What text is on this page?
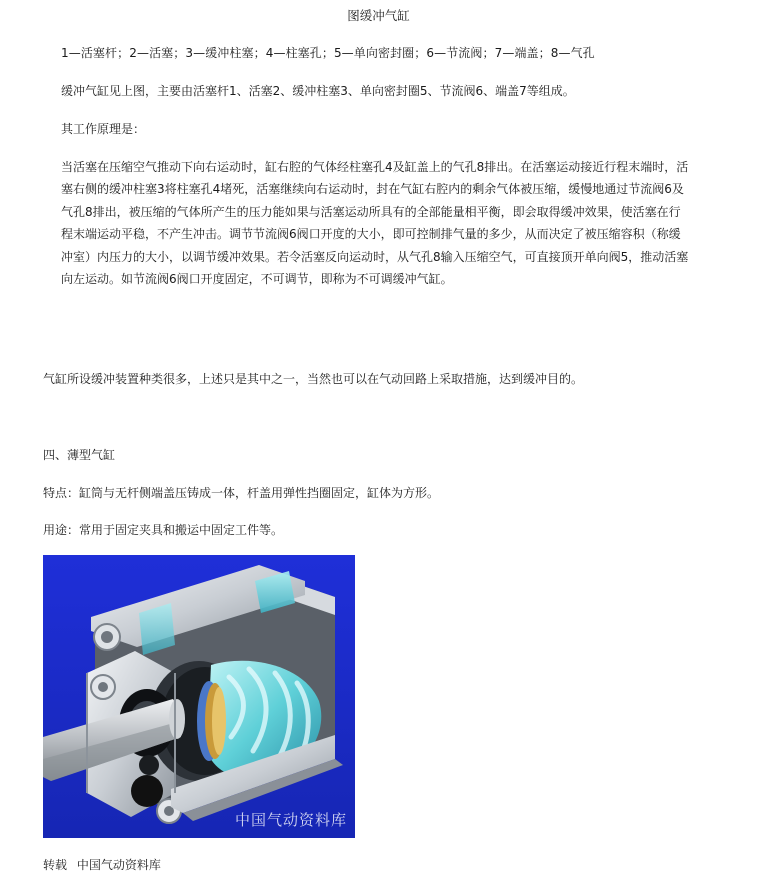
图缓冲气缸
1—活塞杆；2—活塞；3—缓冲柱塞；4—柱塞孔；5—单向密封圈；6—节流阀；7—端盖；8—气孔
缓冲气缸见上图，主要由活塞杆1、活塞2、缓冲柱塞3、单向密封圈5、节流阀6、端盖7等组成。
其工作原理是：
当活塞在压缩空气推动下向右运动时，缸右腔的气体经柱塞孔4及缸盖上的气孔8排出。在活塞运动接近行程末端时，活
塞右侧的缓冲柱塞3将柱塞孔4堵死，活塞继续向右运动时，封在气缸右腔内的剩余气体被压缩，缓慢地通过节流阀6及
气孔8排出，被压缩的气体所产生的压力能如果与活塞运动所具有的全部能量相平衡，即会取得缓冲效果，使活塞在行
程末端运动平稳，不产生冲击。调节节流阀6阀口开度的大小，即可控制排气量的多少，从而决定了被压缩容积（称缓
冲室）内压力的大小，以调节缓冲效果。若令活塞反向运动时，从气孔8输入压缩空气，可直接顶开单向阀5，推动活塞
向左运动。如节流阀6阀口开度固定，不可调节，即称为不可调缓冲气缸。
气缸所设缓冲装置种类很多，上述只是其中之一，当然也可以在气动回路上采取措施，达到缓冲目的。
四、薄型气缸
特点：缸筒与无杆侧端盖压铸成一体，杆盖用弹性挡圈固定，缸体为方形。
用途：常用于固定夹具和搬运中固定工件等。
中国气动资料库
转载 中国气动资料库
